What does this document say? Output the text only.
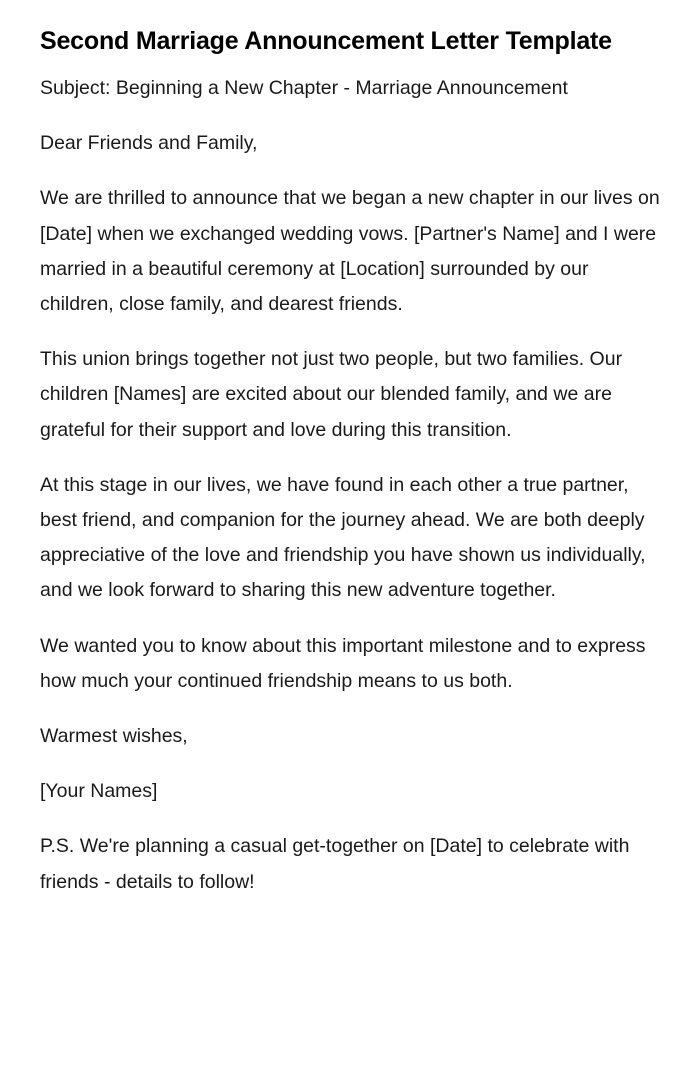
Second Marriage Announcement Letter Template

Subject: Beginning a New Chapter - Marriage Announcement

Dear Friends and Family,

We are thrilled to announce that we began a new chapter in our lives on [Date] when we exchanged wedding vows. [Partner's Name] and I were married in a beautiful ceremony at [Location] surrounded by our children, close family, and dearest friends.

This union brings together not just two people, but two families. Our children [Names] are excited about our blended family, and we are grateful for their support and love during this transition.

At this stage in our lives, we have found in each other a true partner, best friend, and companion for the journey ahead. We are both deeply appreciative of the love and friendship you have shown us individually, and we look forward to sharing this new adventure together.

We wanted you to know about this important milestone and to express how much your continued friendship means to us both.

Warmest wishes,

[Your Names]

P.S. We're planning a casual get-together on [Date] to celebrate with friends - details to follow!
